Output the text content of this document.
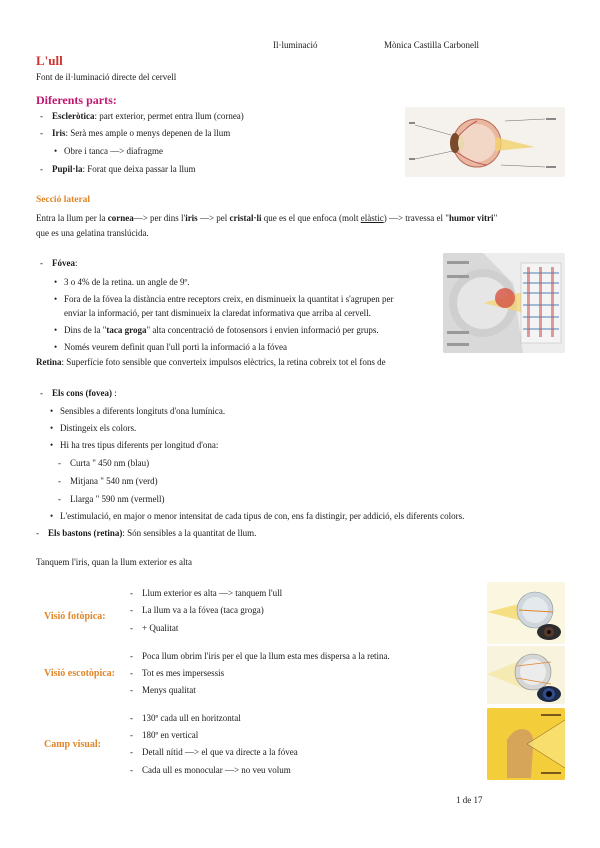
Il·luminació	Mònica Castilla Carbonell
L'ull
Font de il·luminació directe del cervell
Diferents parts:
- Escleròtica: part exterior, permet entra llum (cornea)
- Iris: Serà mes ample o menys depenen de la llum
• Obre i tanca —> diafragme
- Pupil·la: Forat que deixa passar la llum
Secció lateral
Entra la llum per la cornea—> per dins l'iris —> pel cristal·li que es el que enfoca (molt elàstic) —> travessa el "humor vitri"
que es una gelatina translúcida.
- Fóvea:
• 3 o 4% de la retina. un angle de 9º.
• Fora de la fóvea la distància entre receptors creix, en disminueix la quantitat i s'agrupen per
enviar la informació, per tant disminueix la claredat informativa que arriba al cervell.
• Dins de la "taca groga" alta concentració de fotosensors i envien informació per grups.
• Només veurem definit quan l'ull porti la informació a la fóvea
Retina: Superfície foto sensible que converteix impulsos elèctrics, la retina cobreix tot el fons de
- Els cons (fovea) :
• Sensibles a diferents longituts d'ona lumínica.
• Distingeix els colors.
• Hi ha tres tipus diferents per longitud d'ona:
- Curta " 450 nm (blau)
- Mitjana " 540 nm (verd)
- Llarga " 590 nm (vermell)
• L'estimulació, en major o menor intensitat de cada tipus de con, ens fa distingir, per addició, els diferents colors.
- Els bastons (retina): Són sensibles a la quantitat de llum.
Tanquem l'iris, quan la llum exterior es alta
Visió fotòpica:
- Llum exterior es alta —> tanquem l'ull
- La llum va a la fóvea (taca groga)
- + Qualitat
Visió escotòpica:
- Poca llum obrim l'iris per el que la llum esta mes dispersa a la retina.
- Tot es mes impersessis
- Menys qualitat
Camp visual:
- 130º cada ull en horitzontal
- 180º en vertical
- Detall nítid —> el que va directe a la fóvea
- Cada ull es monocular —> no veu volum
1 de 17
